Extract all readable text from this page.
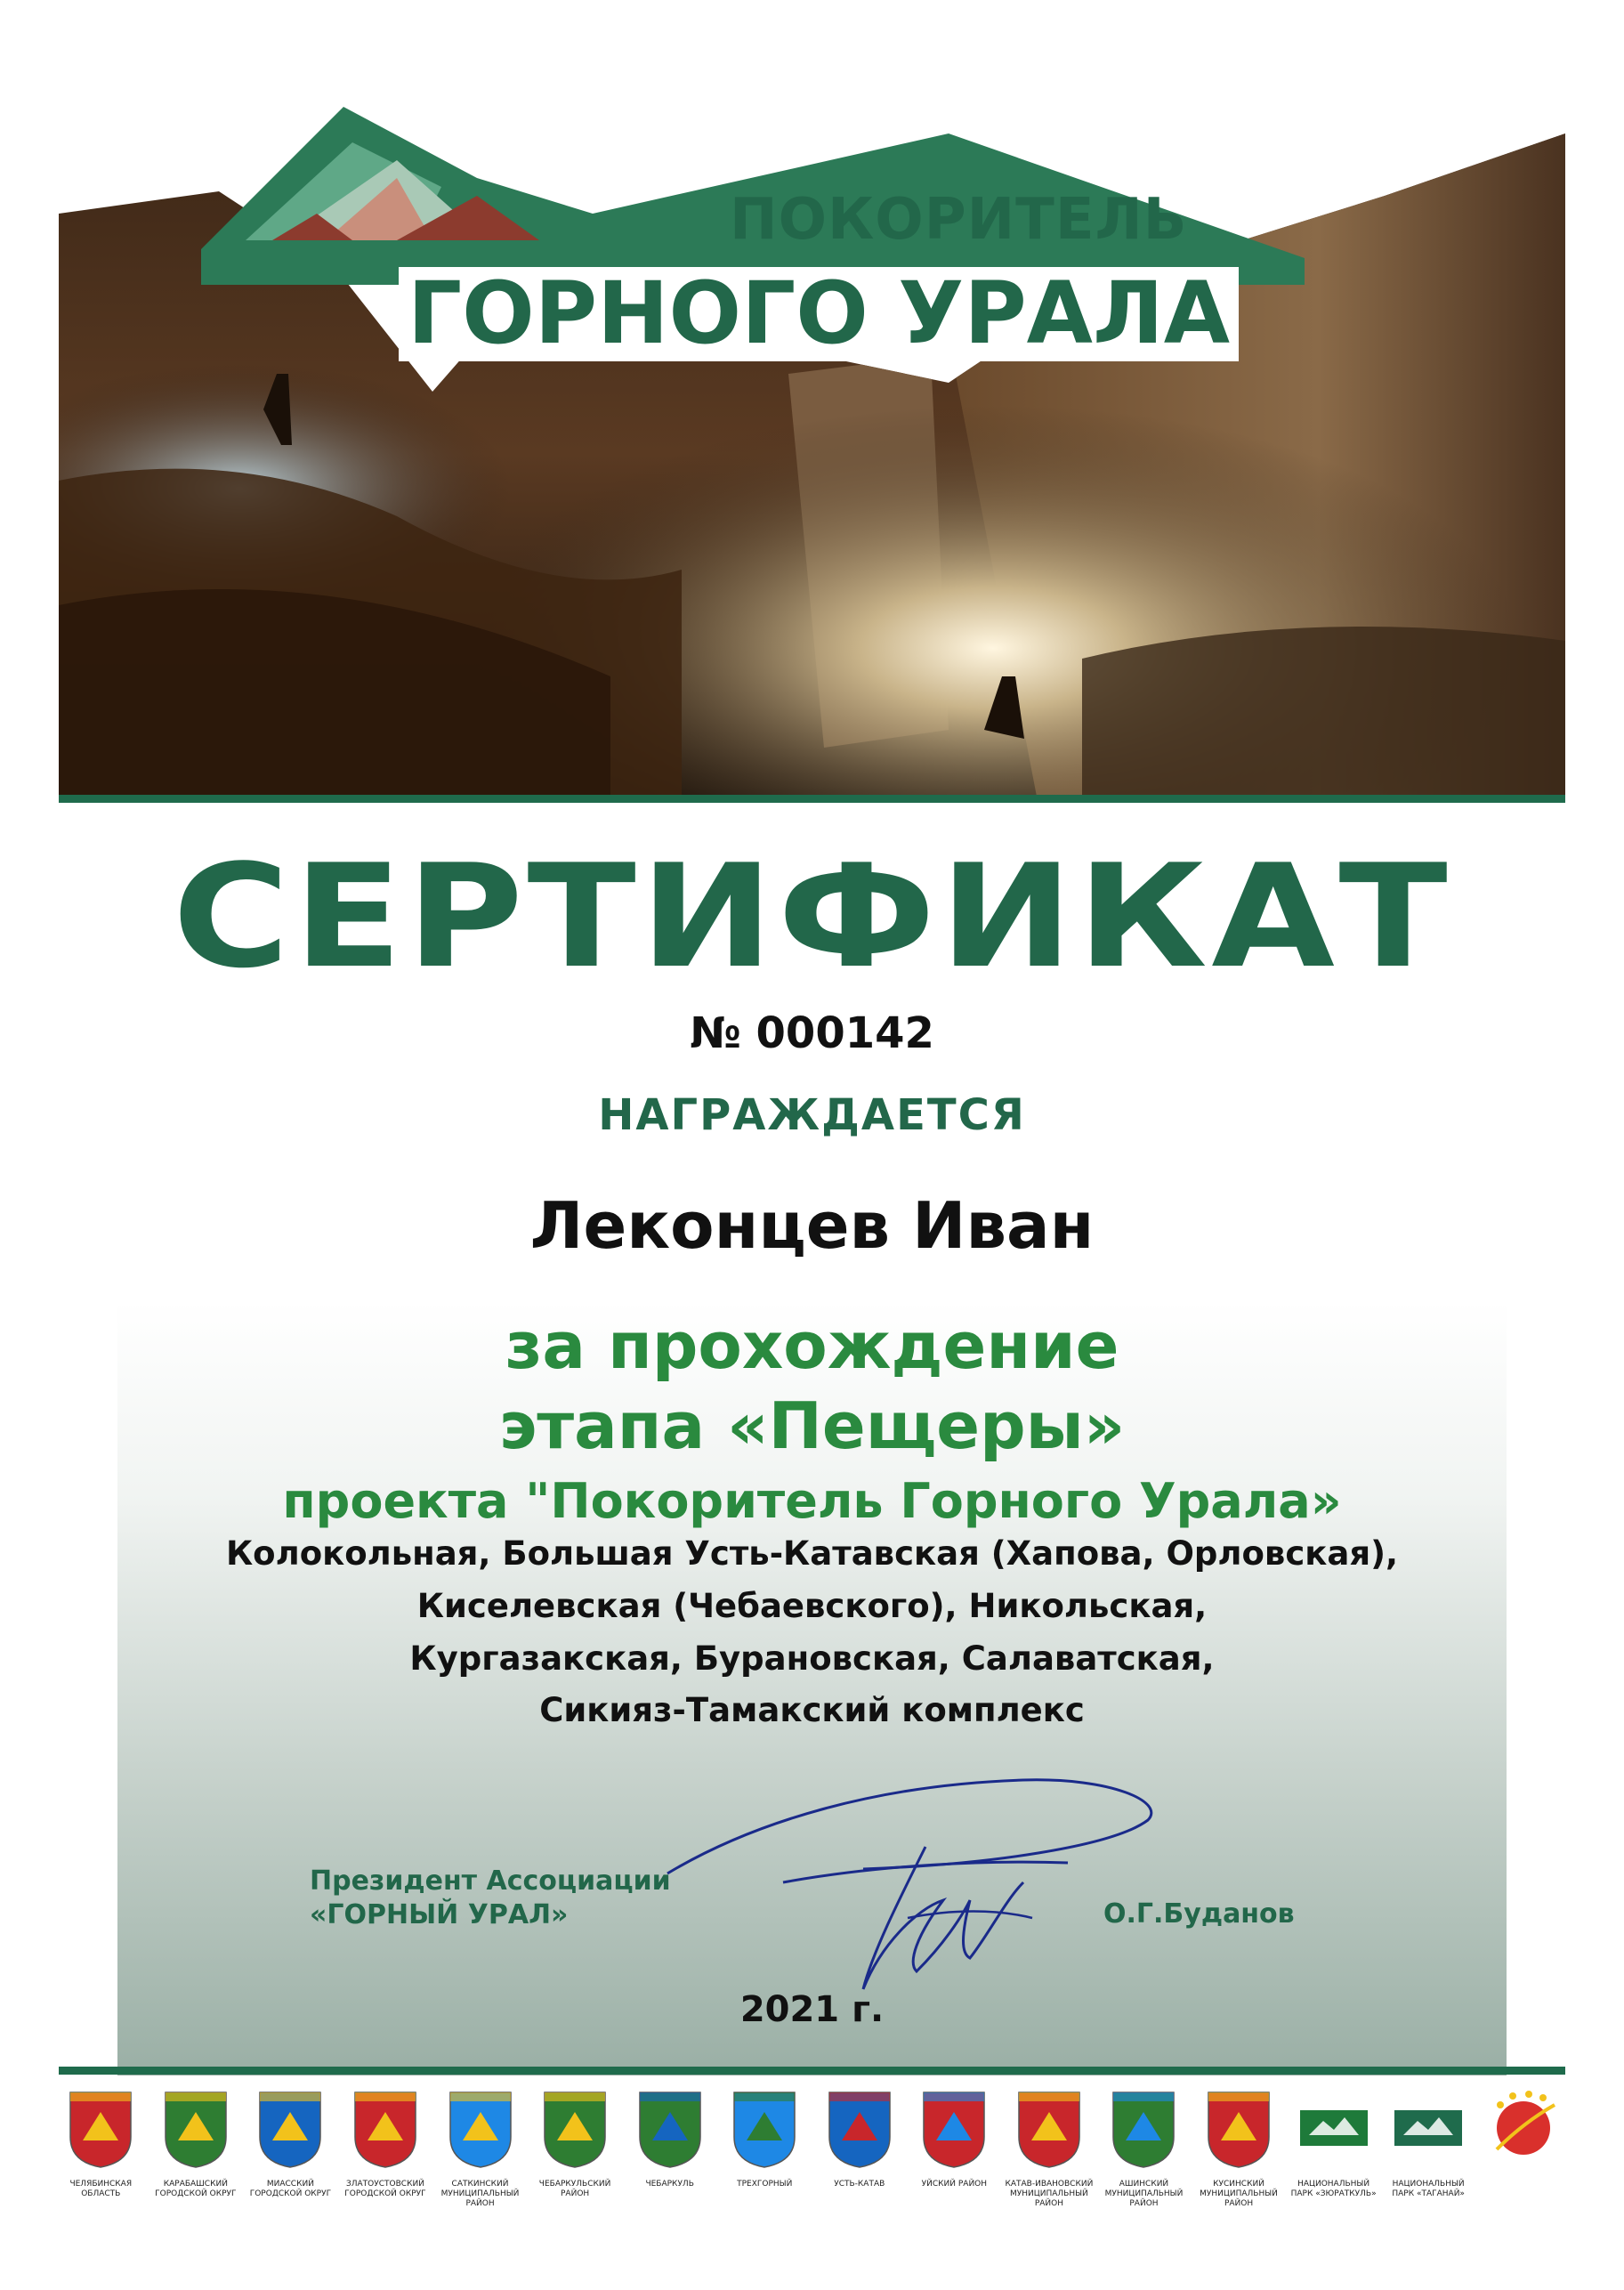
ПОКОРИТЕЛЬ
ГОРНОГО УРАЛА
СЕРТИФИКАТ
№ 000142
НАГРАЖДАЕТСЯ
Леконцев Иван
за прохождение
этапа «Пещеры»
проекта "Покоритель Горного Урала»
Колокольная, Большая Усть-Катавская (Хапова, Орловская),
Киселевская (Чебаевского), Никольская,
Кургазакская, Бурановская, Салаватская,
Сикияз-Тамакский комплекс
Президент Ассоциации
«ГОРНЫЙ УРАЛ»	О.Г.Буданов
2021 г.
ЧЕЛЯБИНСКАЯ ОБЛАСТЬ
КАРАБАШСКИЙ ГОРОДСКОЙ ОКРУГ
МИАССКИЙ ГОРОДСКОЙ ОКРУГ
ЗЛАТОУСТОВСКИЙ ГОРОДСКОЙ ОКРУГ
САТКИНСКИЙ МУНИЦИПАЛЬНЫЙ РАЙОН
ЧЕБАРКУЛЬСКИЙ РАЙОН
ЧЕБАРКУЛЬ	ТРЕХГОРНЫЙ	УСТЬ-КАТАВ	УЙСКИЙ РАЙОН	КАТАВ-ИВАНОВСКИЙ МУНИЦИПАЛЬНЫЙ РАЙОН
АШИНСКИЙ МУНИЦИПАЛЬНЫЙ РАЙОН
КУСИНСКИЙ МУНИЦИПАЛЬНЫЙ РАЙОН
НАЦИОНАЛЬНЫЙ ПАРК «ЗЮРАТКУЛЬ»
НАЦИОНАЛЬНЫЙ ПАРК «ТАГАНАЙ»
